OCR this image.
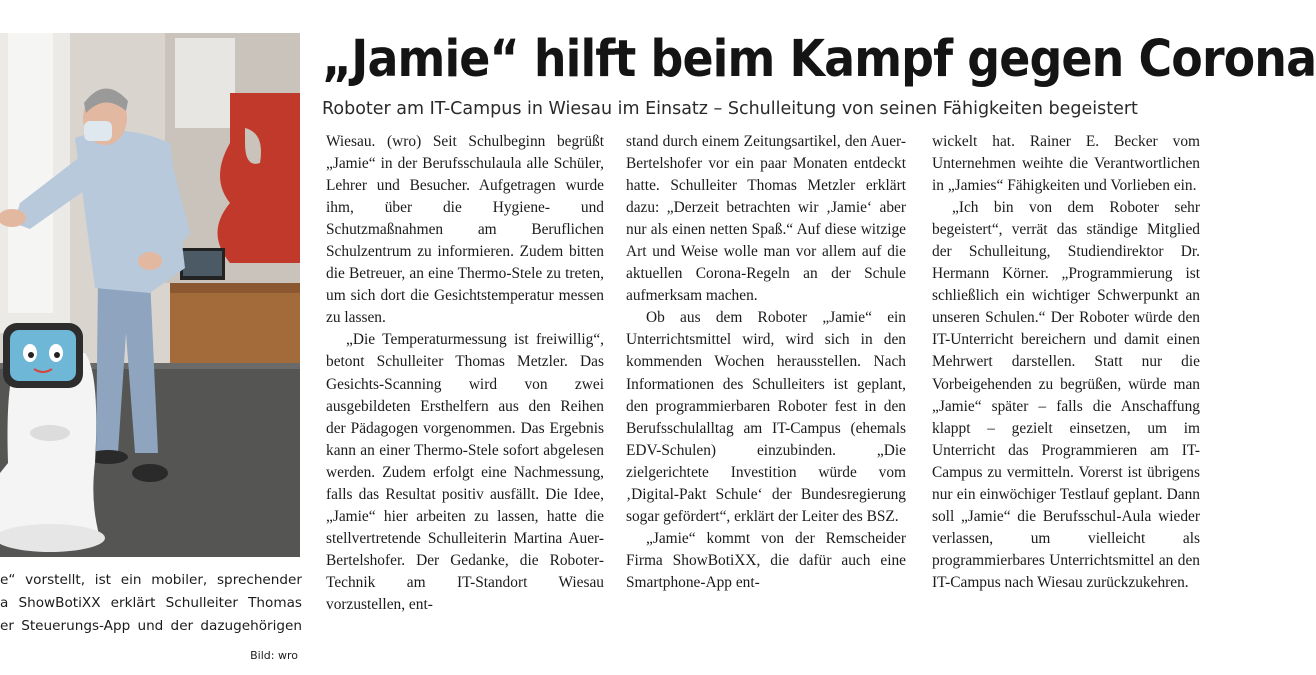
e“ vorstellt, ist ein mobiler, sprechender
a ShowBotiXX erklärt Schulleiter Thomas
er Steuerungs-App und der dazugehörigen
Bild: wro
„Jamie“ hilft beim Kampf gegen Corona
Roboter am IT-Campus in Wiesau im Einsatz – Schulleitung von seinen Fähigkeiten begeistert

Wiesau. (wro) Seit Schulbeginn begrüßt „Jamie“ in der Berufsschulaula alle Schüler, Lehrer und Besucher. Aufgetragen wurde ihm, über die Hygiene- und Schutzmaßnahmen am Beruflichen Schulzentrum zu informieren. Zudem bitten die Betreuer, an eine Thermo-Stele zu treten, um sich dort die Gesichtstemperatur messen zu lassen.

„Die Temperaturmessung ist freiwillig“, betont Schulleiter Thomas Metzler. Das Gesichts-Scanning wird von zwei ausgebildeten Ersthelfern aus den Reihen der Pädagogen vorgenommen. Das Ergebnis kann an einer Thermo-Stele sofort abgelesen werden. Zudem erfolgt eine Nachmessung, falls das Resultat positiv ausfällt. Die Idee, „Jamie“ hier arbeiten zu lassen, hatte die stellvertretende Schulleiterin Martina Auer-Bertelshofer. Der Gedanke, die Roboter-Technik am IT-Standort Wiesau vorzustellen, ent-

stand durch einem Zeitungsartikel, den Auer-Bertelshofer vor ein paar Monaten entdeckt hatte. Schulleiter Thomas Metzler erklärt dazu: „Derzeit betrachten wir ‚Jamie‘ aber nur als einen netten Spaß.“ Auf diese witzige Art und Weise wolle man vor allem auf die aktuellen Corona-Regeln an der Schule aufmerksam machen.

Ob aus dem Roboter „Jamie“ ein Unterrichtsmittel wird, wird sich in den kommenden Wochen herausstellen. Nach Informationen des Schulleiters ist geplant, den programmierbaren Roboter fest in den Berufsschulalltag am IT-Campus (ehemals EDV-Schulen) einzubinden. „Die zielgerichtete Investition würde vom ‚Digital-Pakt Schule‘ der Bundesregierung sogar gefördert“, erklärt der Leiter des BSZ.

„Jamie“ kommt von der Remscheider Firma ShowBotiXX, die dafür auch eine Smartphone-App ent-

wickelt hat. Rainer E. Becker vom Unternehmen weihte die Verantwortlichen in „Jamies“ Fähigkeiten und Vorlieben ein.

„Ich bin von dem Roboter sehr begeistert“, verrät das ständige Mitglied der Schulleitung, Studiendirektor Dr. Hermann Körner. „Programmierung ist schließlich ein wichtiger Schwerpunkt an unseren Schulen.“ Der Roboter würde den IT-Unterricht bereichern und damit einen Mehrwert darstellen. Statt nur die Vorbeigehenden zu begrüßen, würde man „Jamie“ später – falls die Anschaffung klappt – gezielt einsetzen, um im Unterricht das Programmieren am IT-Campus zu vermitteln. Vorerst ist übrigens nur ein einwöchiger Testlauf geplant. Dann soll „Jamie“ die Berufsschul-Aula wieder verlassen, um vielleicht als programmierbares Unterrichtsmittel an den IT-Campus nach Wiesau zurückzukehren.
